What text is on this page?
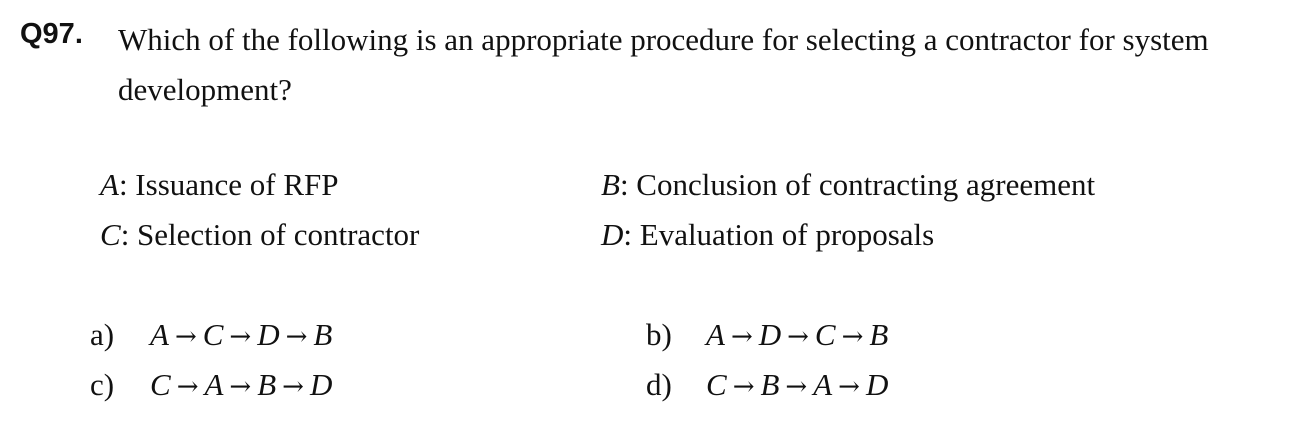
Q97. Which of the following is an appropriate procedure for selecting a contractor for system development?
A: Issuance of RFP	B: Conclusion of contracting agreement
C: Selection of contractor	D: Evaluation of proposals
a) A → C → D → B	b) A → D → C → B
c) C → A → B → D	d) C → B → A → D
